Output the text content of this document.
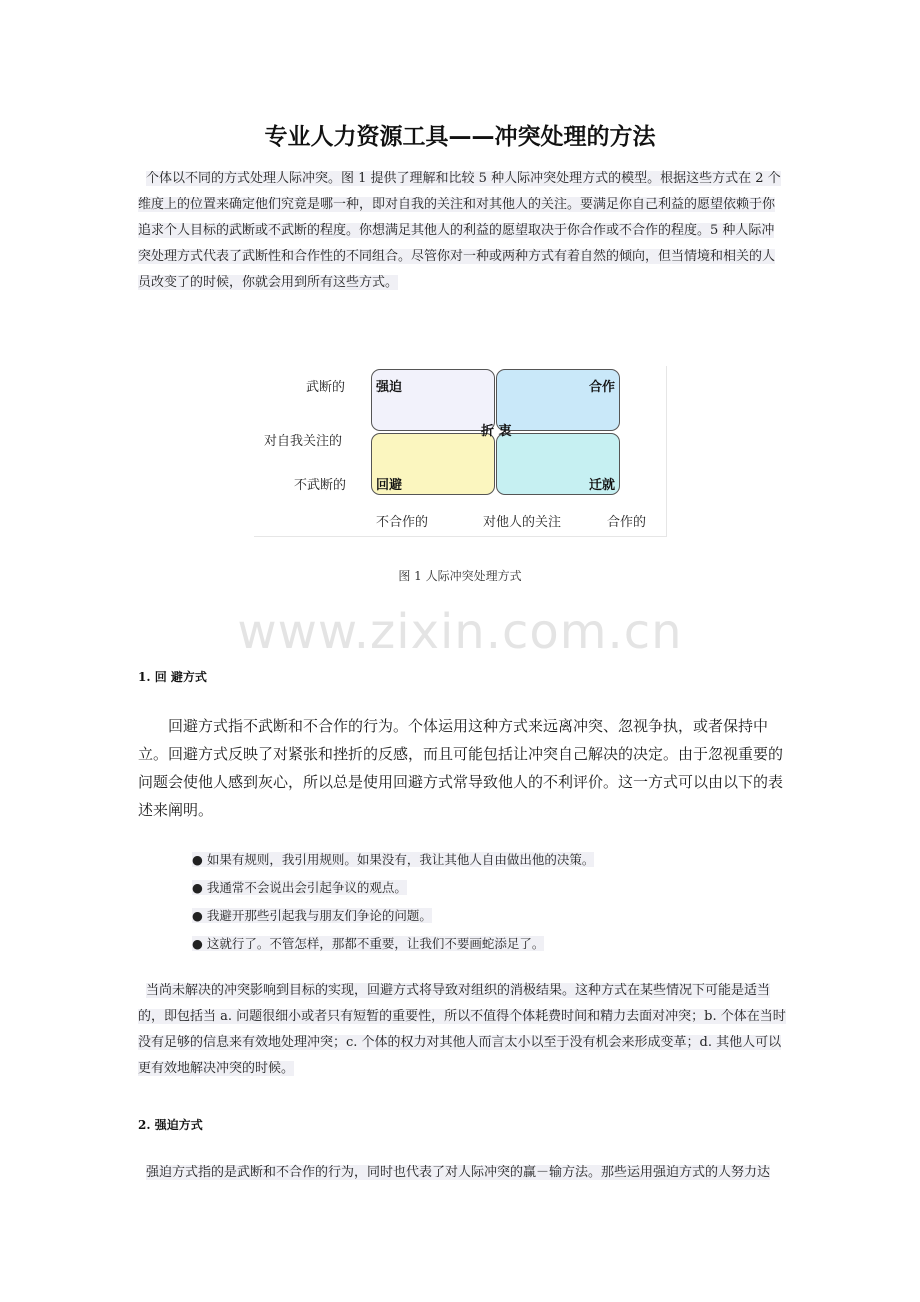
专业人力资源工具——冲突处理的方法
个体以不同的方式处理人际冲突。图 1 提供了理解和比较 5 种人际冲突处理方式的模型。根据这些方式在 2 个维度上的位置来确定他们究竟是哪一种，即对自我的关注和对其他人的关注。要满足你自己利益的愿望依赖于你追求个人目标的武断或不武断的程度。你想满足其他人的利益的愿望取决于你合作或不合作的程度。5 种人际冲突处理方式代表了武断性和合作性的不同组合。尽管你对一种或两种方式有着自然的倾向，但当情境和相关的人员改变了的时候，你就会用到所有这些方式。
武断的
对自我关注的
不武断的
强迫	合作
回避	迁就
折 衷
不合作的	对他人的关注	合作的
图 1 人际冲突处理方式
www.zixin.com.cn
1. 回 避方式
回避方式指不武断和不合作的行为。个体运用这种方式来远离冲突、忽视争执，或者保持中立。回避方式反映了对紧张和挫折的反感，而且可能包括让冲突自己解决的决定。由于忽视重要的问题会使他人感到灰心，所以总是使用回避方式常导致他人的不利评价。这一方式可以由以下的表述来阐明。
● 如果有规则，我引用规则。如果没有，我让其他人自由做出他的决策。
● 我通常不会说出会引起争议的观点。
● 我避开那些引起我与朋友们争论的问题。
● 这就行了。不管怎样，那都不重要，让我们不要画蛇添足了。
当尚未解决的冲突影响到目标的实现，回避方式将导致对组织的消极结果。这种方式在某些情况下可能是适当的，即包括当 a. 问题很细小或者只有短暂的重要性，所以不值得个体耗费时间和精力去面对冲突；b. 个体在当时没有足够的信息来有效地处理冲突；c. 个体的权力对其他人而言太小以至于没有机会来形成变革；d. 其他人可以更有效地解决冲突的时候。
2. 强迫方式
强迫方式指的是武断和不合作的行为，同时也代表了对人际冲突的赢－输方法。那些运用强迫方式的人努力达
